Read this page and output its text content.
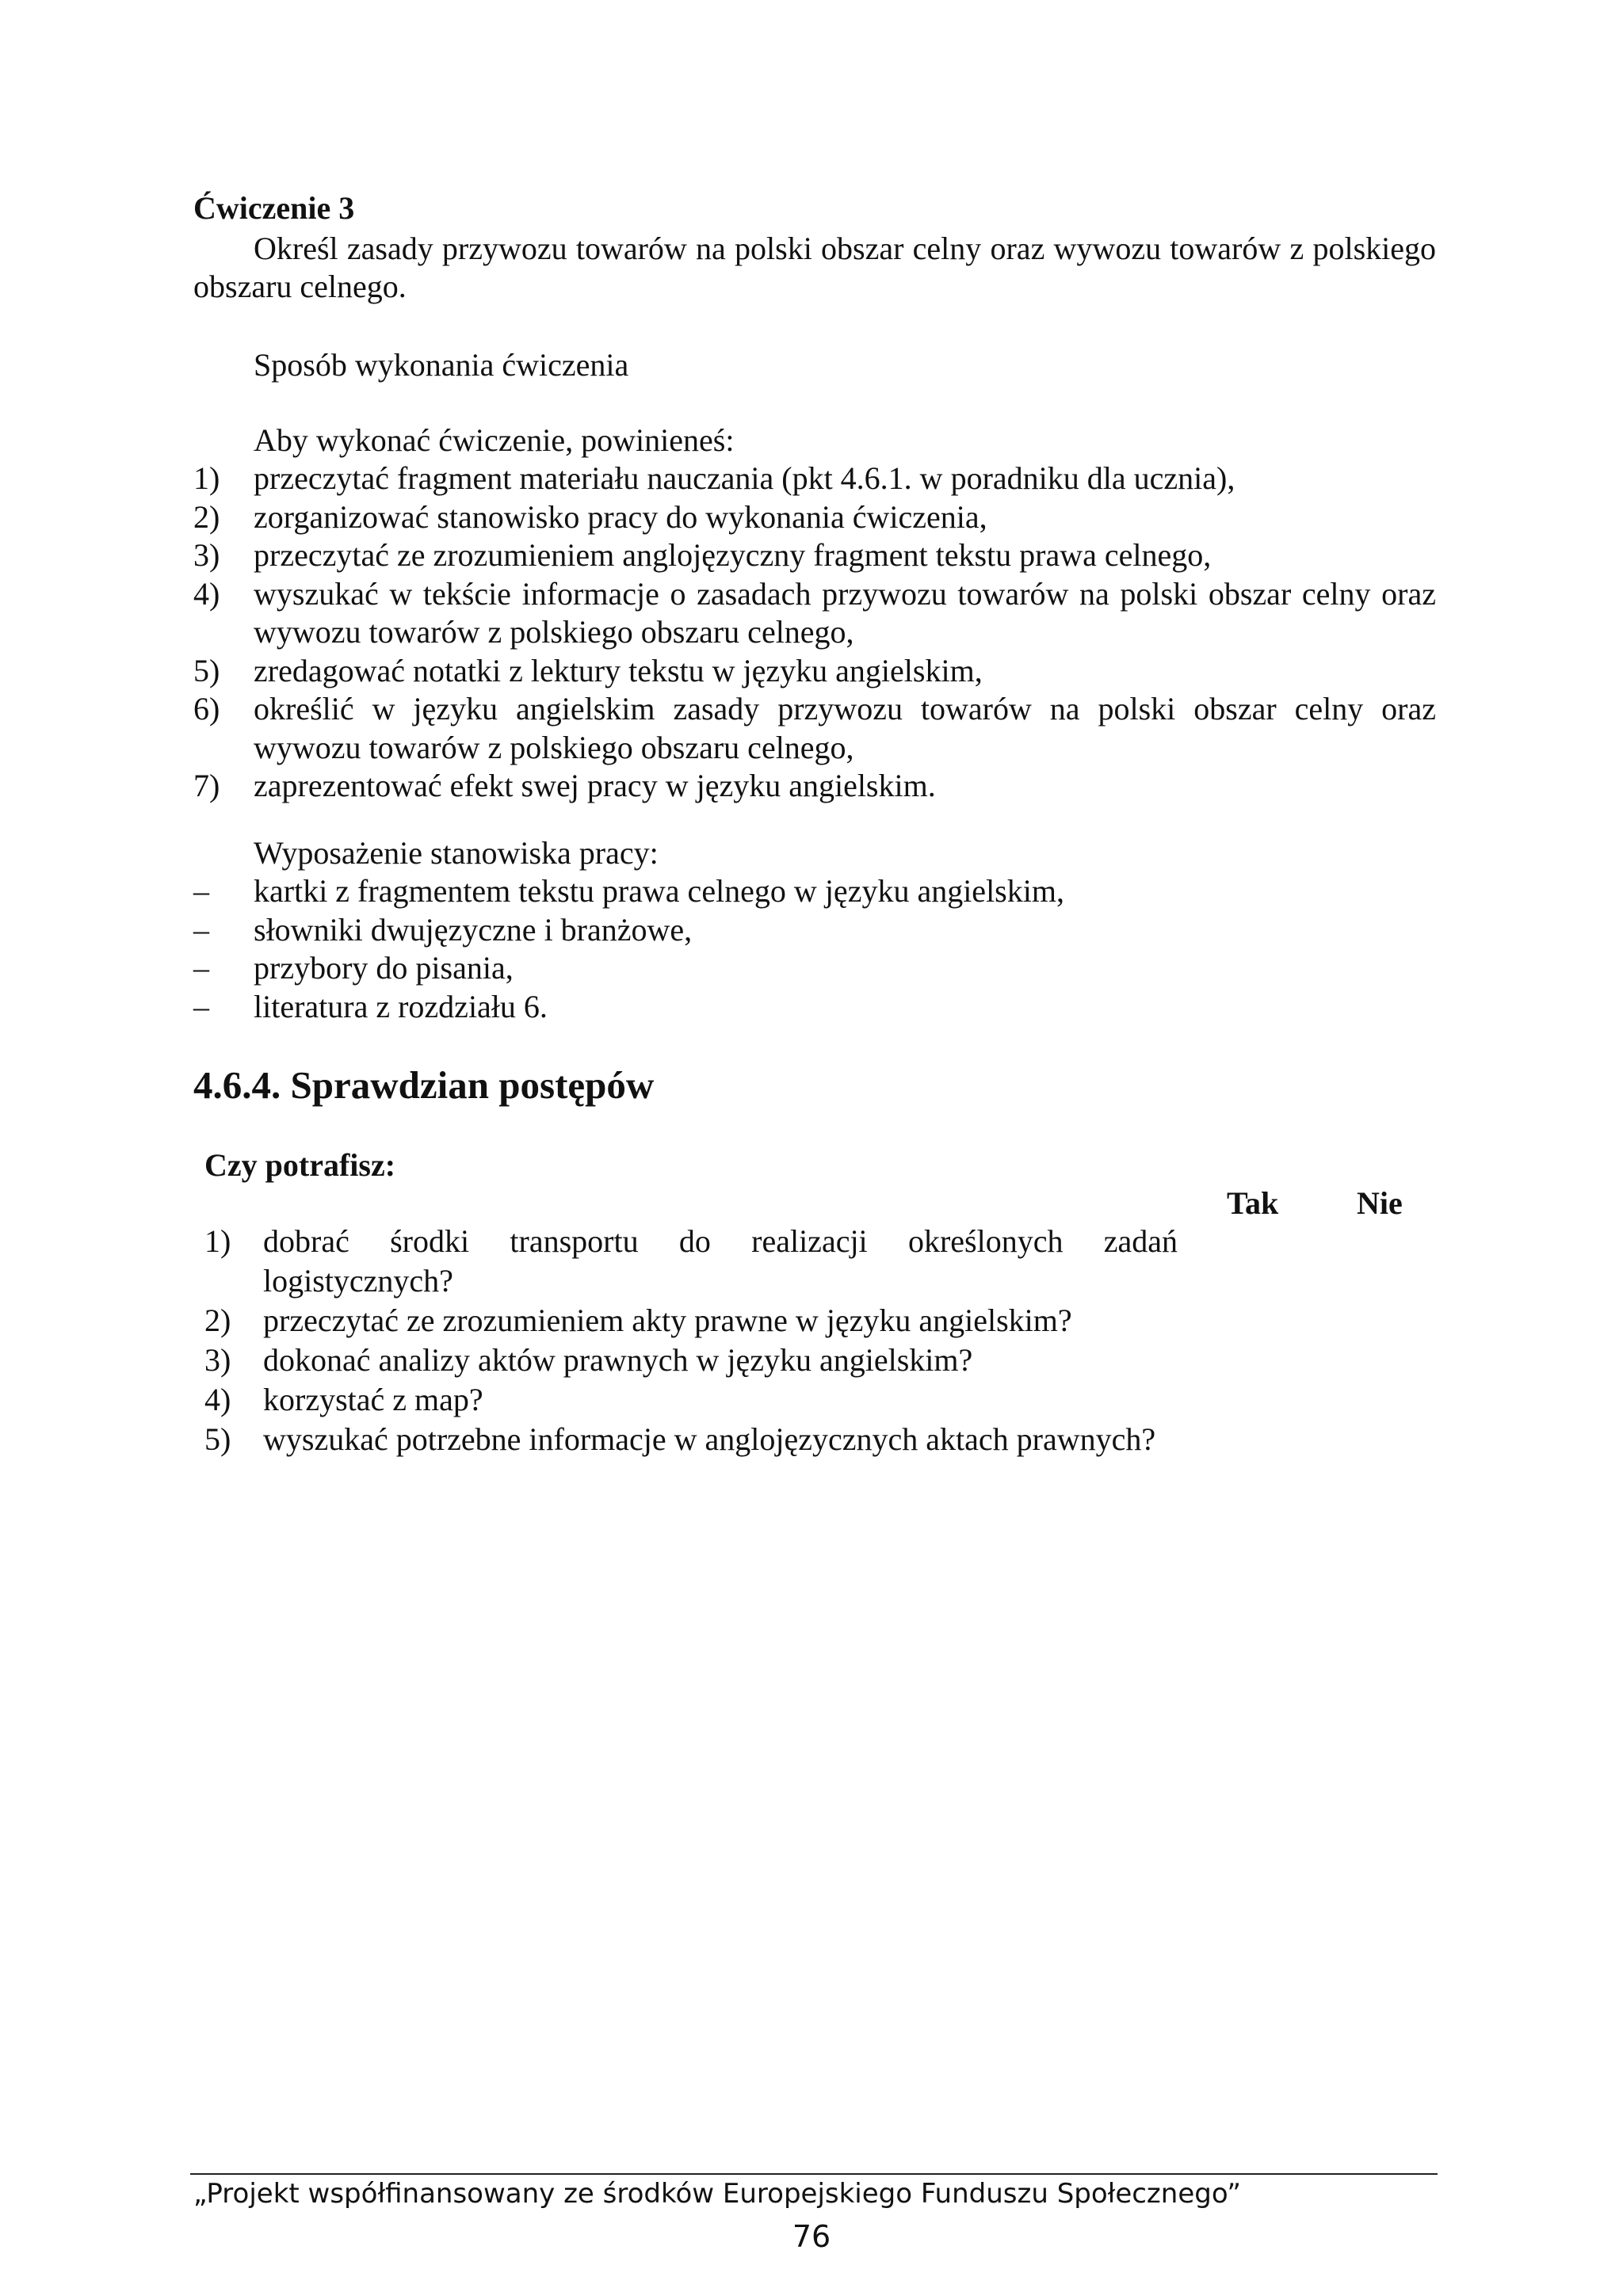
Ćwiczenie 3
Określ zasady przywozu towarów na polski obszar celny oraz wywozu towarów z polskiego obszaru celnego.
Sposób wykonania ćwiczenia
Aby wykonać ćwiczenie, powinieneś:
1) przeczytać fragment materiału nauczania (pkt 4.6.1. w poradniku dla ucznia),
2) zorganizować stanowisko pracy do wykonania ćwiczenia,
3) przeczytać ze zrozumieniem anglojęzyczny fragment tekstu prawa celnego,
4) wyszukać w tekście informacje o zasadach przywozu towarów na polski obszar celny oraz wywozu towarów z polskiego obszaru celnego,
5) zredagować notatki z lektury tekstu w języku angielskim,
6) określić w języku angielskim zasady przywozu towarów na polski obszar celny oraz wywozu towarów z polskiego obszaru celnego,
7) zaprezentować efekt swej pracy w języku angielskim.
Wyposażenie stanowiska pracy:
– kartki z fragmentem tekstu prawa celnego w języku angielskim,
– słowniki dwujęzyczne i branżowe,
– przybory do pisania,
– literatura z rozdziału 6.
4.6.4. Sprawdzian postępów
Czy potrafisz:
Tak Nie
1) dobrać środki transportu do realizacji określonych zadań logistycznych?
2) przeczytać ze zrozumieniem akty prawne w języku angielskim?
3) dokonać analizy aktów prawnych w języku angielskim?
4) korzystać z map?
5) wyszukać potrzebne informacje w anglojęzycznych aktach prawnych?
„Projekt współfinansowany ze środków Europejskiego Funduszu Społecznego”
76
